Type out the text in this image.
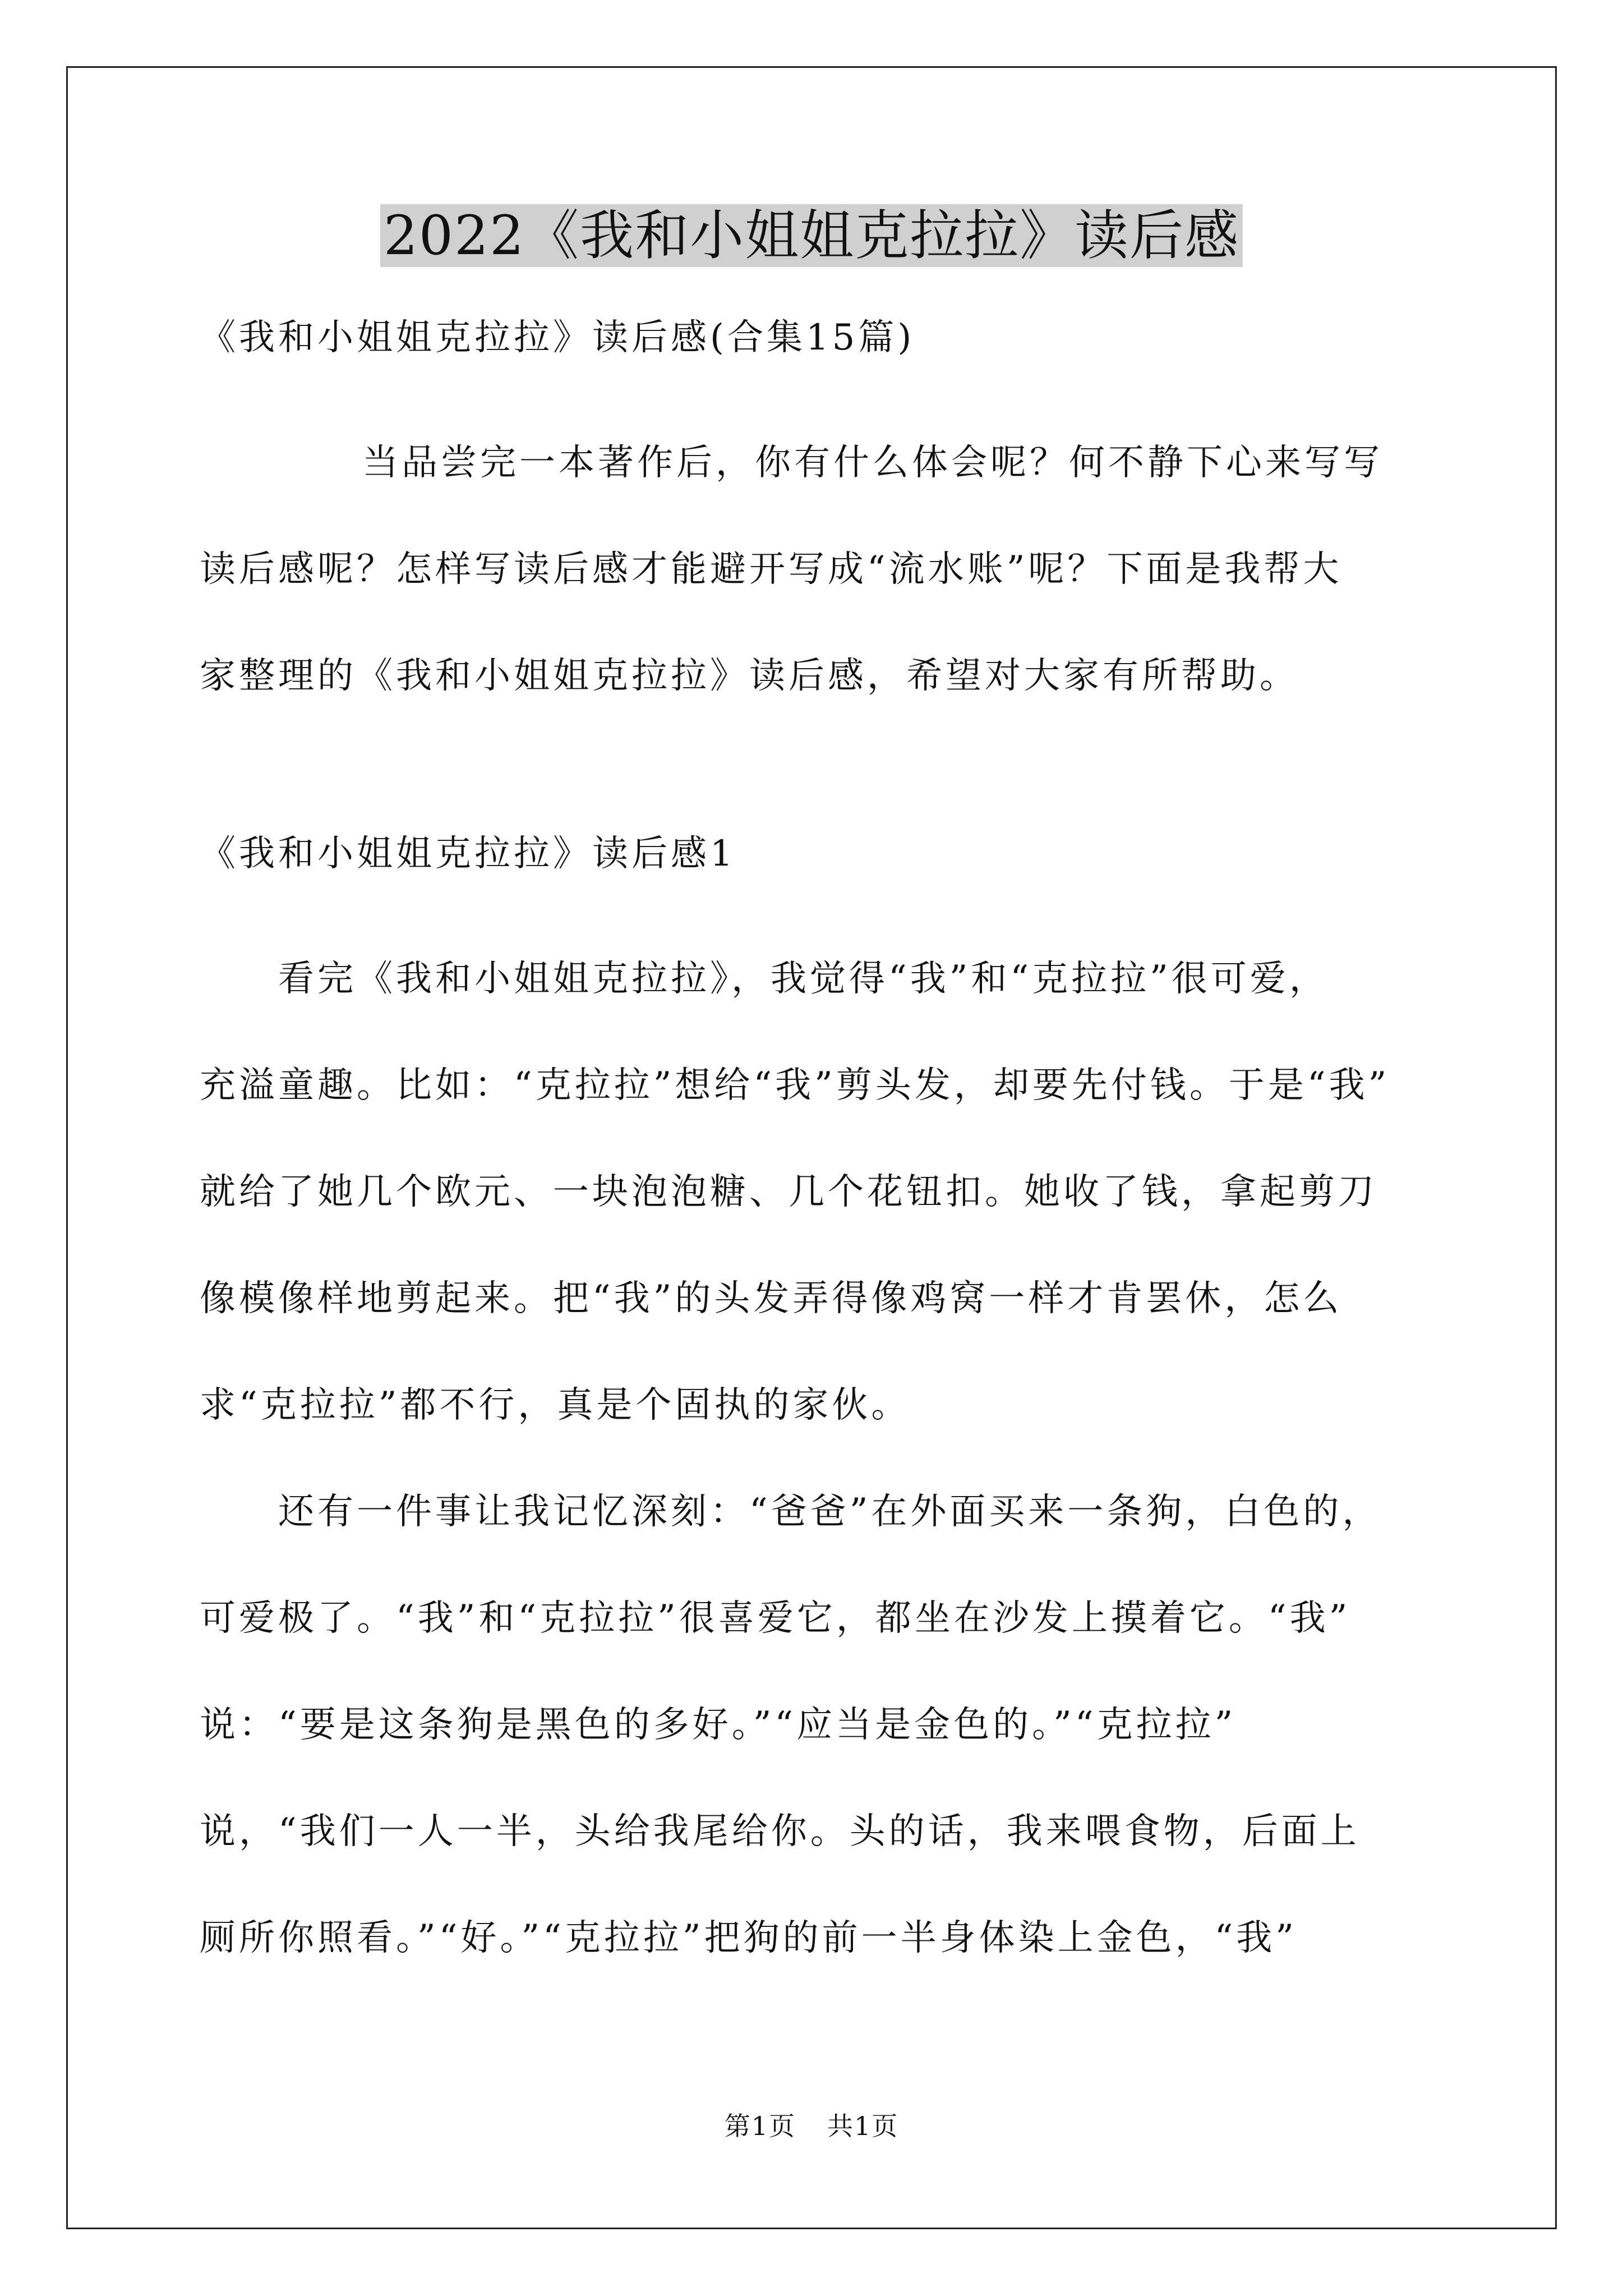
2022《我和小姐姐克拉拉》读后感
《我和小姐姐克拉拉》读后感(合集15篇)
当品尝完一本著作后，你有什么体会呢？何不静下心来写写
读后感呢？怎样写读后感才能避开写成“流水账”呢？下面是我帮大
家整理的《我和小姐姐克拉拉》读后感，希望对大家有所帮助。
《我和小姐姐克拉拉》读后感1
看完《我和小姐姐克拉拉》，我觉得“我”和“克拉拉”很可爱，
充溢童趣。比如：“克拉拉”想给“我”剪头发，却要先付钱。于是“我”
就给了她几个欧元、一块泡泡糖、几个花钮扣。她收了钱，拿起剪刀
像模像样地剪起来。把“我”的头发弄得像鸡窝一样才肯罢休，怎么
求“克拉拉”都不行，真是个固执的家伙。
还有一件事让我记忆深刻：“爸爸”在外面买来一条狗，白色的，
可爱极了。“我”和“克拉拉”很喜爱它，都坐在沙发上摸着它。“我”
说：“要是这条狗是黑色的多好。”“应当是金色的。”“克拉拉”
说，“我们一人一半，头给我尾给你。头的话，我来喂食物，后面上
厕所你照看。”“好。”“克拉拉”把狗的前一半身体染上金色，“我”
第1页 共1页
